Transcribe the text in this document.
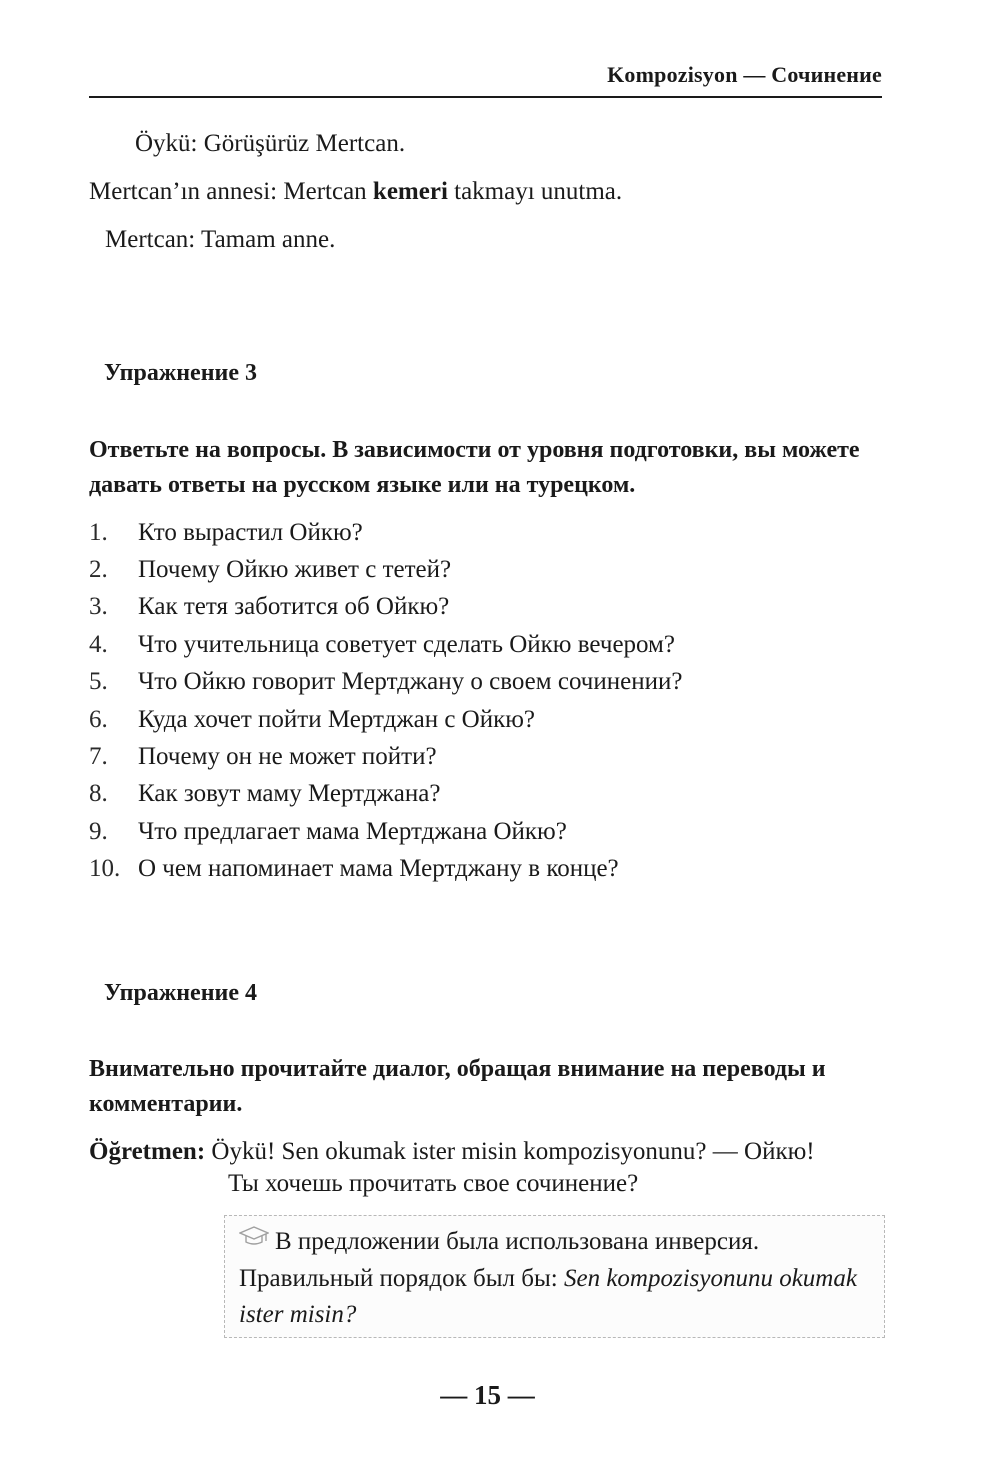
Kompozisyon — Сочинение
Öykü: Görüşürüz Mertcan.
Mertcan’ın annesi: Mertcan kemeri takmayı unutma.
Mertcan: Tamam anne.
Упражнение 3
Ответьте на вопросы. В зависимости от уровня подготовки, вы можете давать ответы на русском языке или на турецком.
1.	Кто вырастил Ойкю?
2.	Почему Ойкю живет с тетей?
3.	Как тетя заботится об Ойкю?
4.	Что учительница советует сделать Ойкю вечером?
5.	Что Ойкю говорит Мертджану о своем сочинении?
6.	Куда хочет пойти Мертджан с Ойкю?
7.	Почему он не может пойти?
8.	Как зовут маму Мертджана?
9.	Что предлагает мама Мертджана Ойкю?
10. О чем напоминает мама Мертджану в конце?
Упражнение 4
Внимательно прочитайте диалог, обращая внимание на переводы и комментарии.
Öğretmen: Öykü! Sen okumak ister misin kompozisyonunu? — Ойкю!
Ты хочешь прочитать свое сочинение?
В предложении была использована инверсия. Правильный порядок был бы: Sen kompozisyonunu okumak ister misin?
— 15 —
